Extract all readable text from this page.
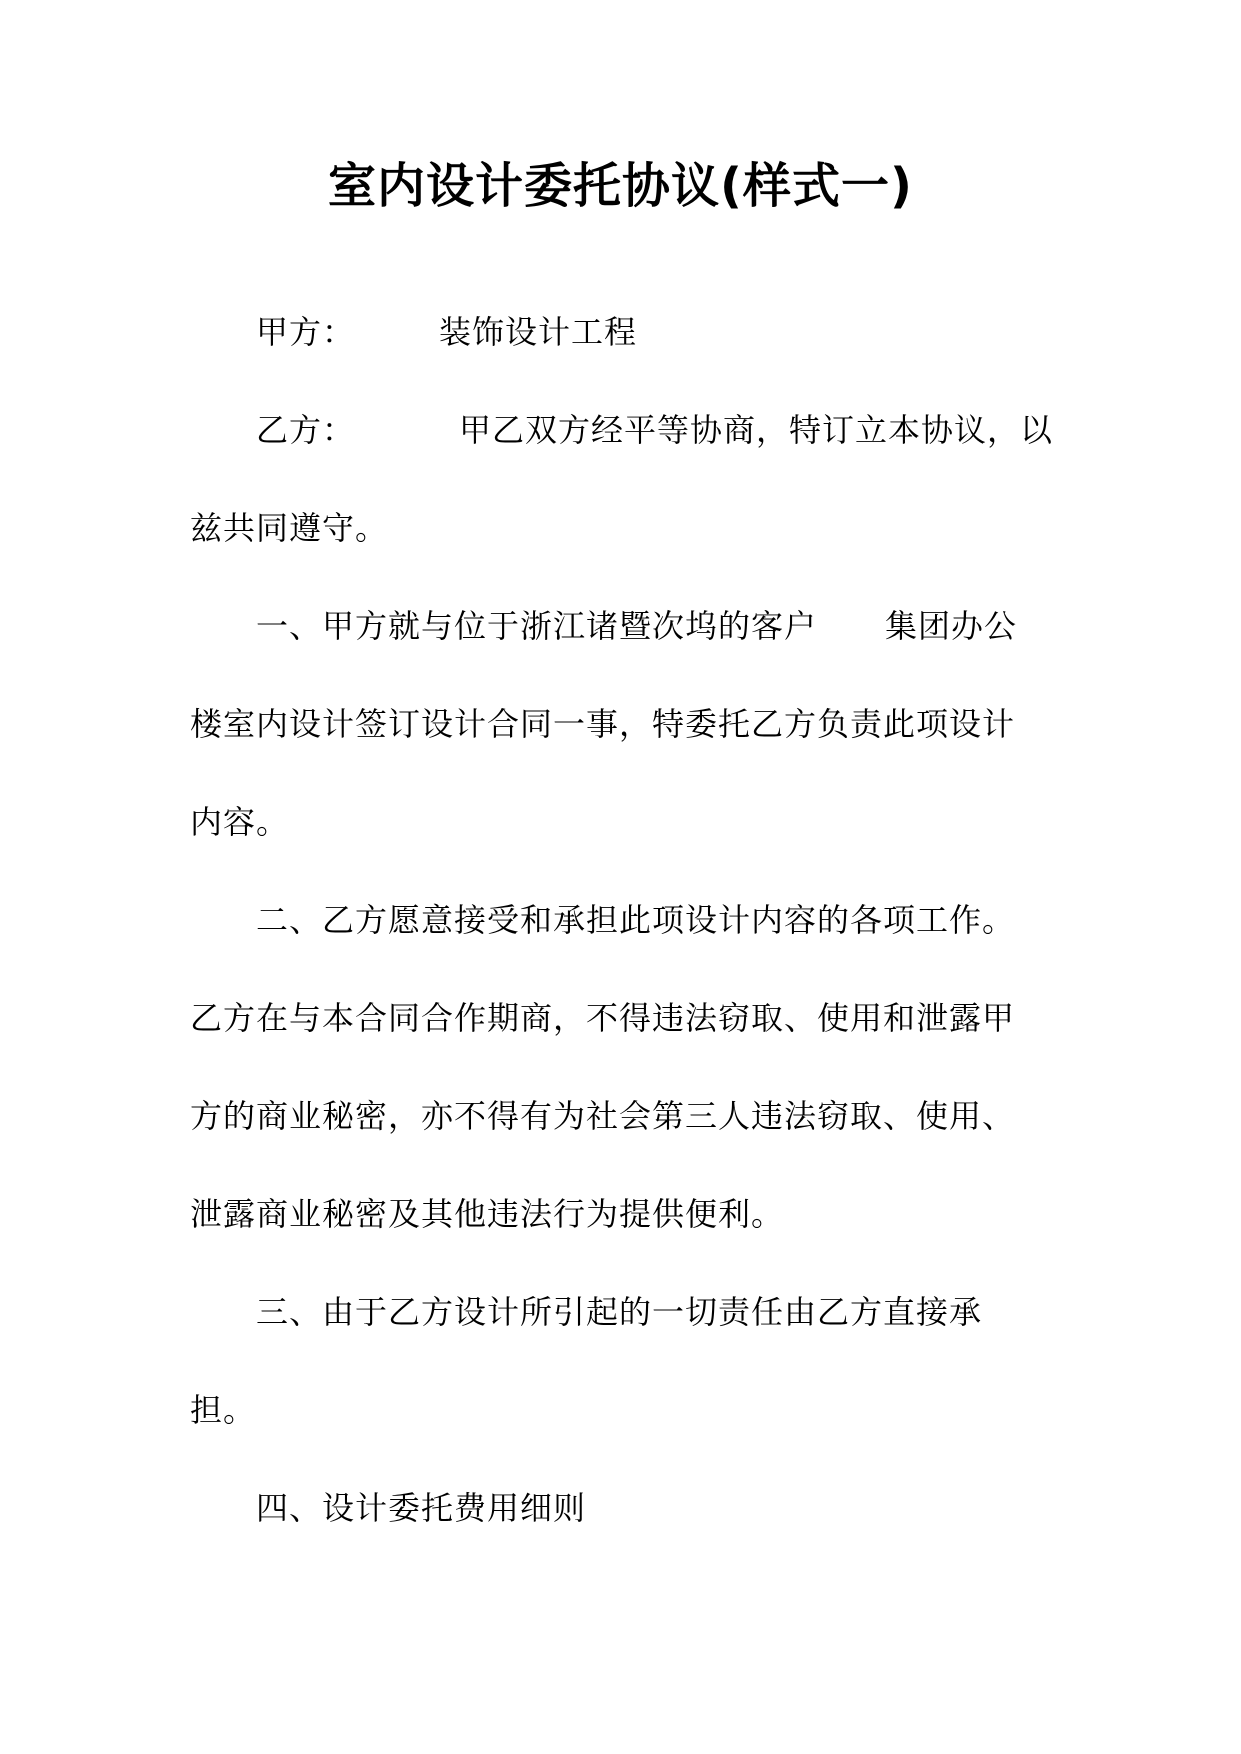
室内设计委托协议(样式一)
甲方：	装饰设计工程
乙方：	甲乙双方经平等协商，特订立本协议，以
兹共同遵守。
一、甲方就与位于浙江诸暨次坞的客户 集团办公
楼室内设计签订设计合同一事，特委托乙方负责此项设计
内容。
二、乙方愿意接受和承担此项设计内容的各项工作。
乙方在与本合同合作期商，不得违法窃取、使用和泄露甲
方的商业秘密，亦不得有为社会第三人违法窃取、使用、
泄露商业秘密及其他违法行为提供便利。
三、由于乙方设计所引起的一切责任由乙方直接承
担。
四、设计委托费用细则
